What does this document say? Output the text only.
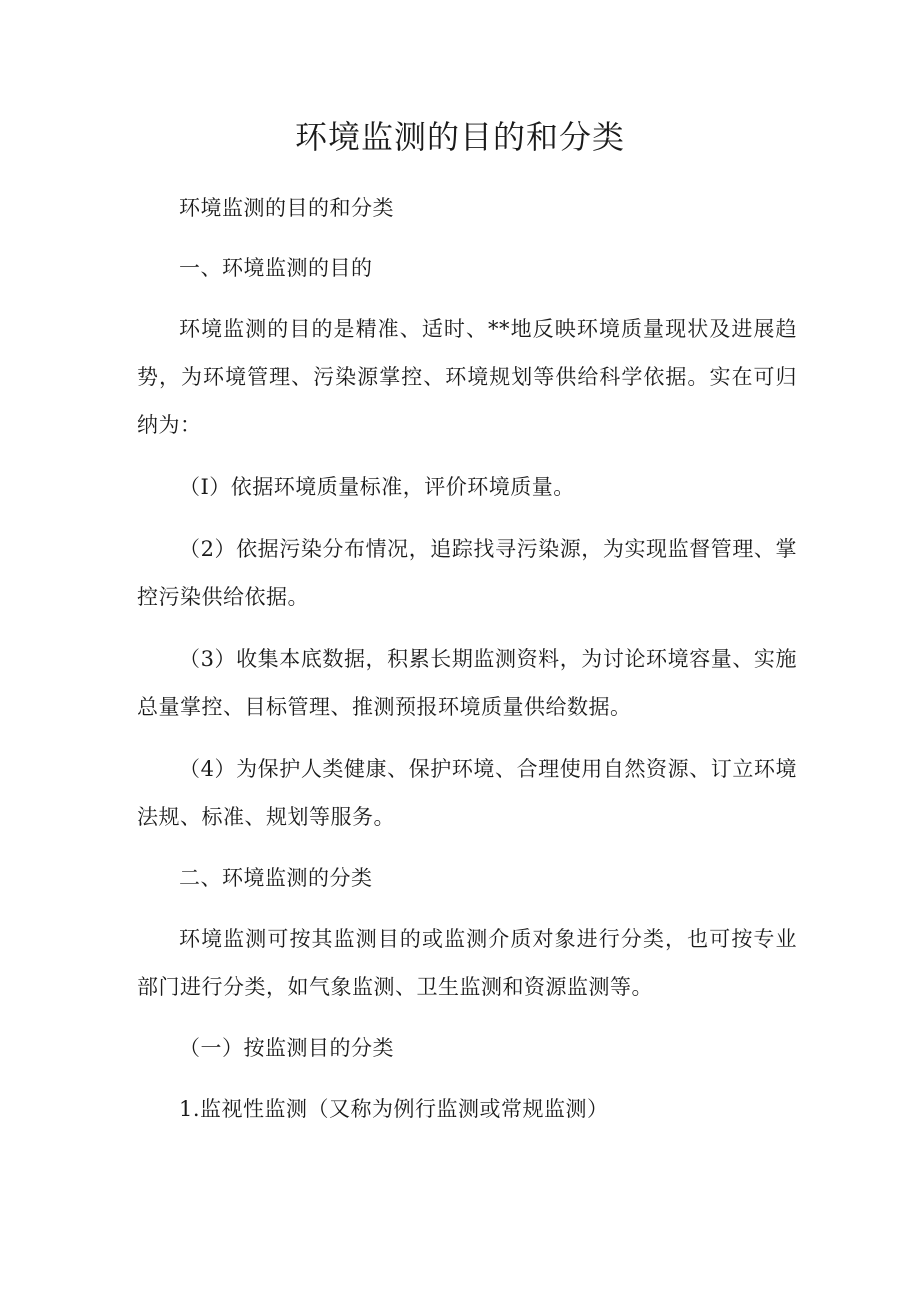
环境监测的目的和分类

环境监测的目的和分类

一、环境监测的目的

环境监测的目的是精准、适时、**地反映环境质量现状及进展趋势，为环境管理、污染源掌控、环境规划等供给科学依据。实在可归纳为：

（I）依据环境质量标准，评价环境质量。

（2）依据污染分布情况，追踪找寻污染源，为实现监督管理、掌控污染供给依据。

（3）收集本底数据，积累长期监测资料，为讨论环境容量、实施总量掌控、目标管理、推测预报环境质量供给数据。

（4）为保护人类健康、保护环境、合理使用自然资源、订立环境法规、标准、规划等服务。

二、环境监测的分类

环境监测可按其监测目的或监测介质对象进行分类，也可按专业部门进行分类，如气象监测、卫生监测和资源监测等。

（一）按监测目的分类

1.监视性监测（又称为例行监测或常规监测）
